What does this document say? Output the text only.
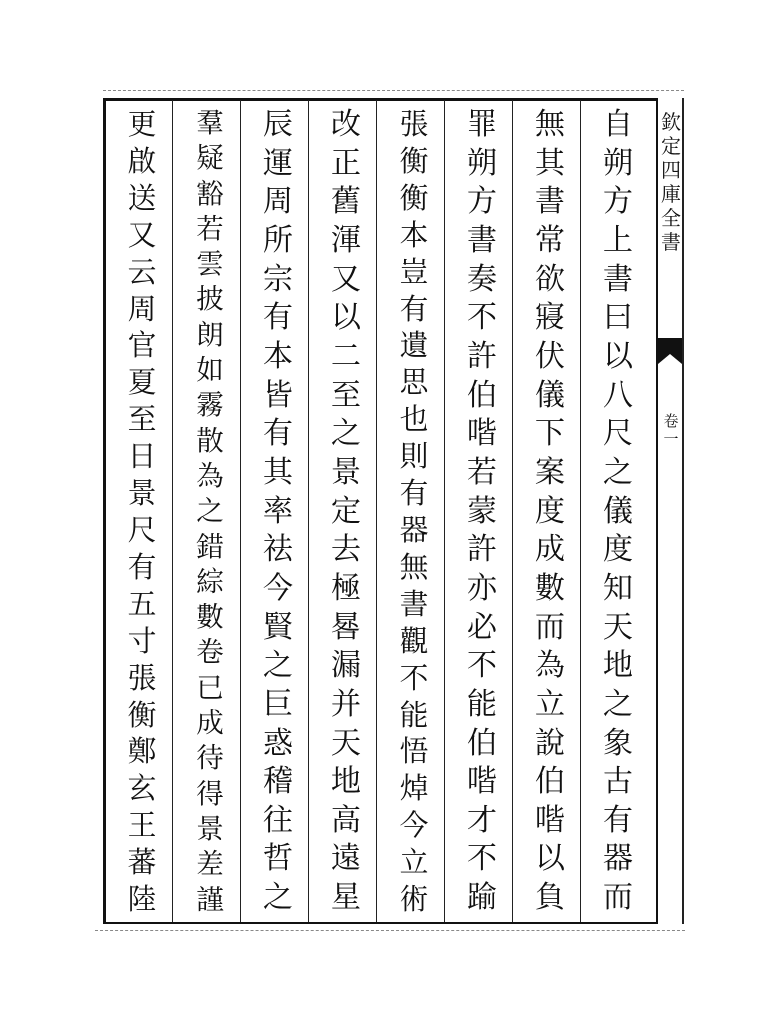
欽
定
四
庫
全
書
卷
一
自
朔
方
上
書
曰
以
八
尺
之
儀
度
知
天
地
之
象
古
有
器
而
無
其
書
常
欲
寢
伏
儀
下
案
度
成
數
而
為
立
說
伯
喈
以
負
罪
朔
方
書
奏
不
許
伯
喈
若
蒙
許
亦
必
不
能
伯
喈
才
不
踰
張
衡
衡
本
豈
有
遺
思
也
則
有
器
無
書
觀
不
能
悟
焯
今
立
術
改
正
舊
渾
又
以
二
至
之
景
定
去
極
晷
漏
并
天
地
高
遠
星
辰
運
周
所
宗
有
本
皆
有
其
率
祛
今
賢
之
巨
惑
稽
往
哲
之
羣
疑
豁
若
雲
披
朗
如
霧
散
為
之
錯
綜
數
卷
已
成
待
得
景
差
謹
更
啟
送
又
云
周
官
夏
至
日
景
尺
有
五
寸
張
衡
鄭
玄
王
蕃
陸
